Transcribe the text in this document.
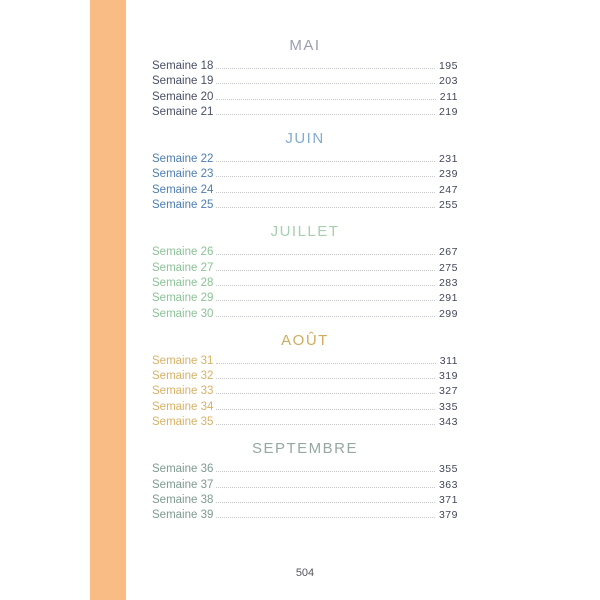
MAI
Semaine 18	195
Semaine 19	203
Semaine 20	211
Semaine 21	219
JUIN
Semaine 22	231
Semaine 23	239
Semaine 24	247
Semaine 25	255
JUILLET
Semaine 26	267
Semaine 27	275
Semaine 28	283
Semaine 29	291
Semaine 30	299
AOÛT
Semaine 31	311
Semaine 32	319
Semaine 33	327
Semaine 34	335
Semaine 35	343
SEPTEMBRE
Semaine 36	355
Semaine 37	363
Semaine 38	371
Semaine 39	379
504
